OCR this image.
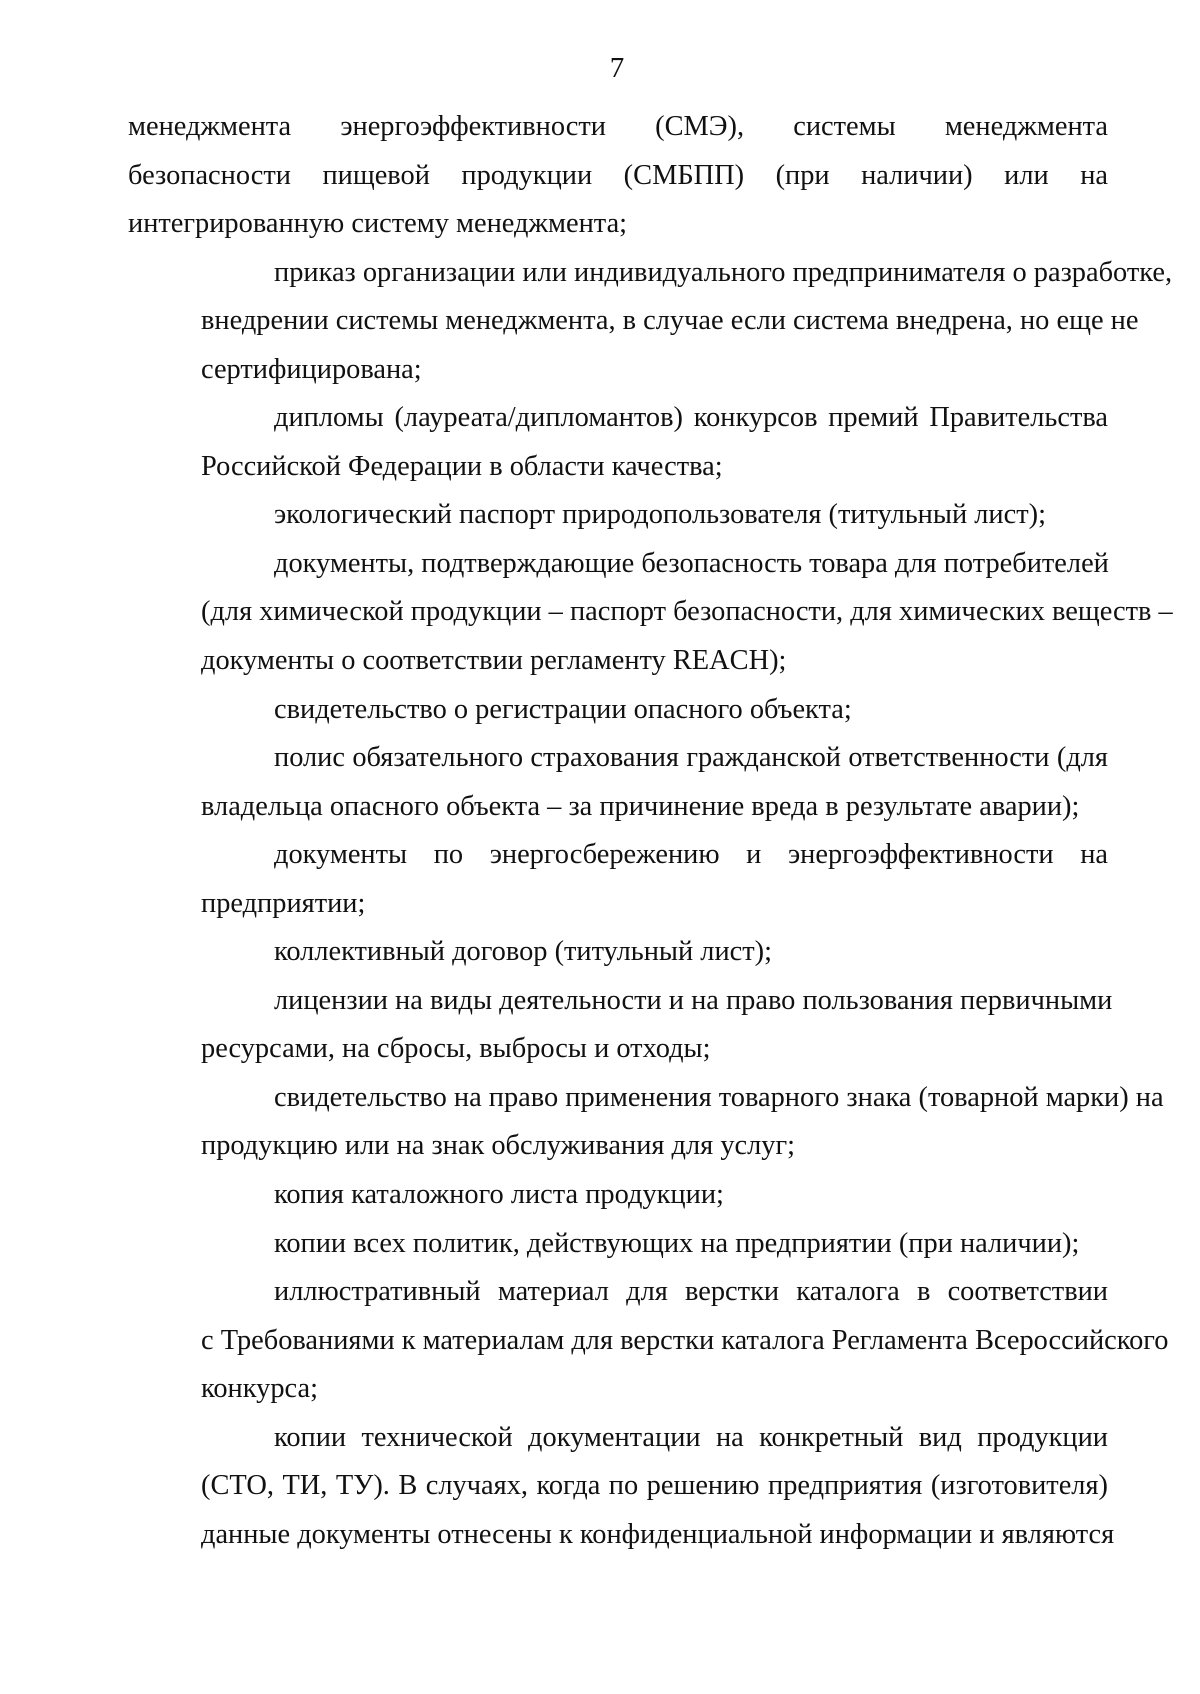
7
менеджмента энергоэффективности (СМЭ), системы менеджмента
безопасности пищевой продукции (СМБПП) (при наличии) или на
интегрированную систему менеджмента;
приказ организации или индивидуального предпринимателя о разработке,
внедрении системы менеджмента, в случае если система внедрена, но еще не
сертифицирована;
дипломы (лауреата/дипломантов) конкурсов премий Правительства
Российской Федерации в области качества;
экологический паспорт природопользователя (титульный лист);
документы, подтверждающие безопасность товара для потребителей
(для химической продукции – паспорт безопасности, для химических веществ –
документы о соответствии регламенту REACH);
свидетельство о регистрации опасного объекта;
полис обязательного страхования гражданской ответственности (для
владельца опасного объекта – за причинение вреда в результате аварии);
документы по энергосбережению и энергоэффективности на
предприятии;
коллективный договор (титульный лист);
лицензии на виды деятельности и на право пользования первичными
ресурсами, на сбросы, выбросы и отходы;
свидетельство на право применения товарного знака (товарной марки) на
продукцию или на знак обслуживания для услуг;
копия каталожного листа продукции;
копии всех политик, действующих на предприятии (при наличии);
иллюстративный материал для верстки каталога в соответствии
с Требованиями к материалам для верстки каталога Регламента Всероссийского
конкурса;
копии технической документации на конкретный вид продукции
(СТО, ТИ, ТУ). В случаях, когда по решению предприятия (изготовителя)
данные документы отнесены к конфиденциальной информации и являются
